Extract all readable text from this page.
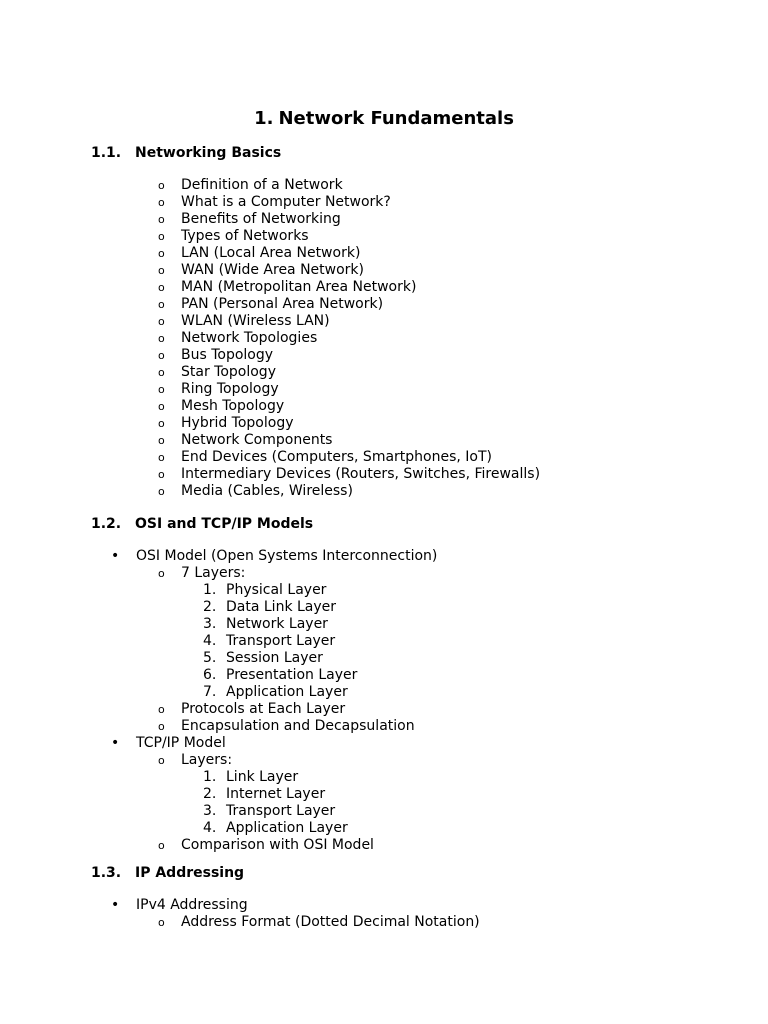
1. Network Fundamentals
1.1. Networking Basics
o Definition of a Network
o What is a Computer Network?
o Benefits of Networking
o Types of Networks
o LAN (Local Area Network)
o WAN (Wide Area Network)
o MAN (Metropolitan Area Network)
o PAN (Personal Area Network)
o WLAN (Wireless LAN)
o Network Topologies
o Bus Topology
o Star Topology
o Ring Topology
o Mesh Topology
o Hybrid Topology
o Network Components
o End Devices (Computers, Smartphones, IoT)
o Intermediary Devices (Routers, Switches, Firewalls)
o Media (Cables, Wireless)
1.2. OSI and TCP/IP Models
• OSI Model (Open Systems Interconnection)
o 7 Layers:
1. Physical Layer
2. Data Link Layer
3. Network Layer
4. Transport Layer
5. Session Layer
6. Presentation Layer
7. Application Layer
o Protocols at Each Layer
o Encapsulation and Decapsulation
• TCP/IP Model
o Layers:
1. Link Layer
2. Internet Layer
3. Transport Layer
4. Application Layer
o Comparison with OSI Model
1.3. IP Addressing
• IPv4 Addressing
o Address Format (Dotted Decimal Notation)
